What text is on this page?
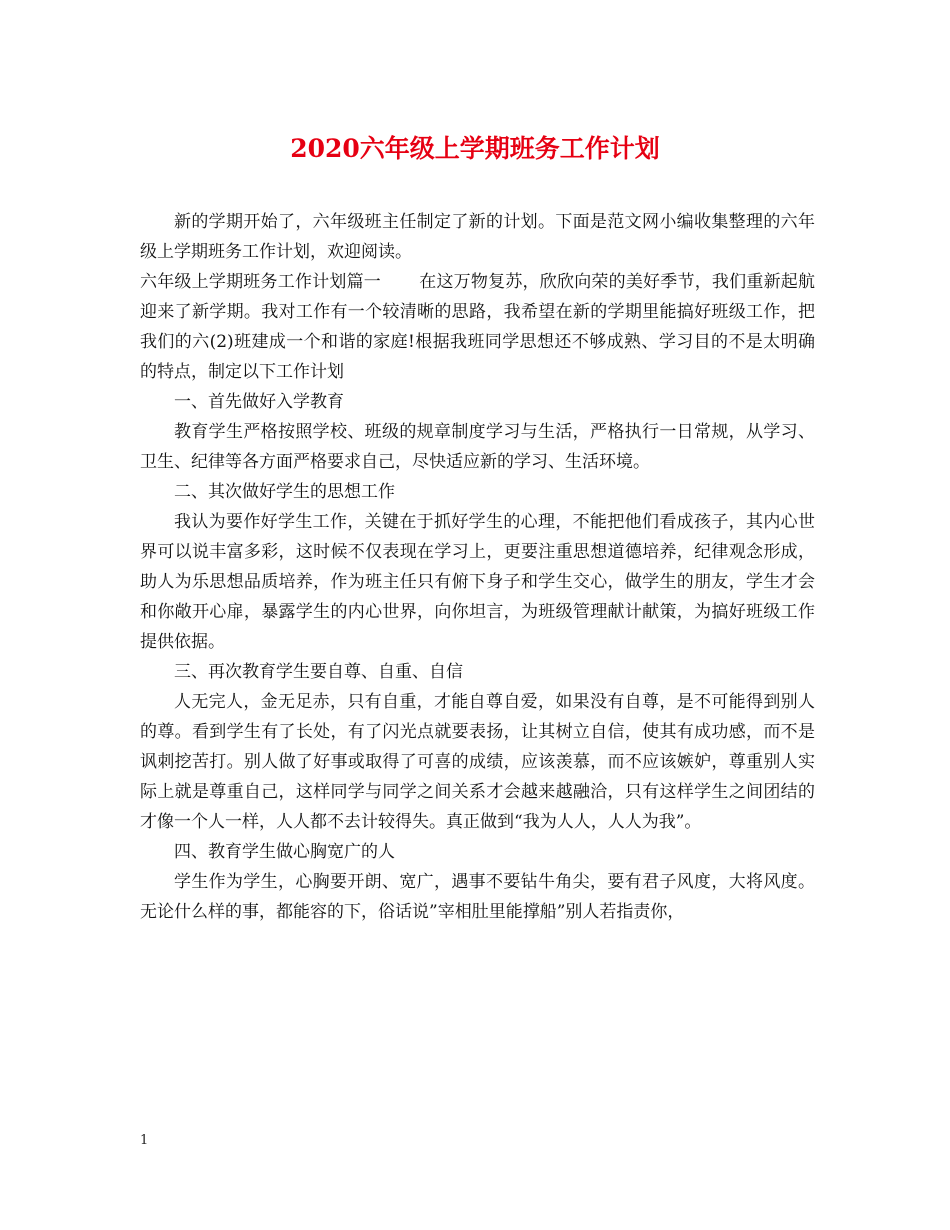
2020六年级上学期班务工作计划

新的学期开始了，六年级班主任制定了新的计划。下面是范文网小编收集整理的六年级上学期班务工作计划，欢迎阅读。

六年级上学期班务工作计划篇一 在这万物复苏，欣欣向荣的美好季节，我们重新起航迎来了新学期。我对工作有一个较清晰的思路，我希望在新的学期里能搞好班级工作，把我们的六(2)班建成一个和谐的家庭!根据我班同学思想还不够成熟、学习目的不是太明确的特点，制定以下工作计划

一、首先做好入学教育

教育学生严格按照学校、班级的规章制度学习与生活，严格执行一日常规，从学习、卫生、纪律等各方面严格要求自己，尽快适应新的学习、生活环境。

二、其次做好学生的思想工作

我认为要作好学生工作，关键在于抓好学生的心理，不能把他们看成孩子，其内心世界可以说丰富多彩，这时候不仅表现在学习上，更要注重思想道德培养，纪律观念形成，助人为乐思想品质培养，作为班主任只有俯下身子和学生交心，做学生的朋友，学生才会和你敞开心扉，暴露学生的内心世界，向你坦言，为班级管理献计献策，为搞好班级工作提供依据。

三、再次教育学生要自尊、自重、自信

人无完人，金无足赤，只有自重，才能自尊自爱，如果没有自尊，是不可能得到别人的尊。看到学生有了长处，有了闪光点就要表扬，让其树立自信，使其有成功感，而不是讽刺挖苦打。别人做了好事或取得了可喜的成绩，应该羡慕，而不应该嫉妒，尊重别人实际上就是尊重自己，这样同学与同学之间关系才会越来越融洽，只有这样学生之间团结的才像一个人一样，人人都不去计较得失。真正做到“我为人人，人人为我”。

四、教育学生做心胸宽广的人

学生作为学生，心胸要开朗、宽广，遇事不要钻牛角尖，要有君子风度，大将风度。无论什么样的事，都能容的下，俗话说”宰相肚里能撑船”别人若指责你，

1
